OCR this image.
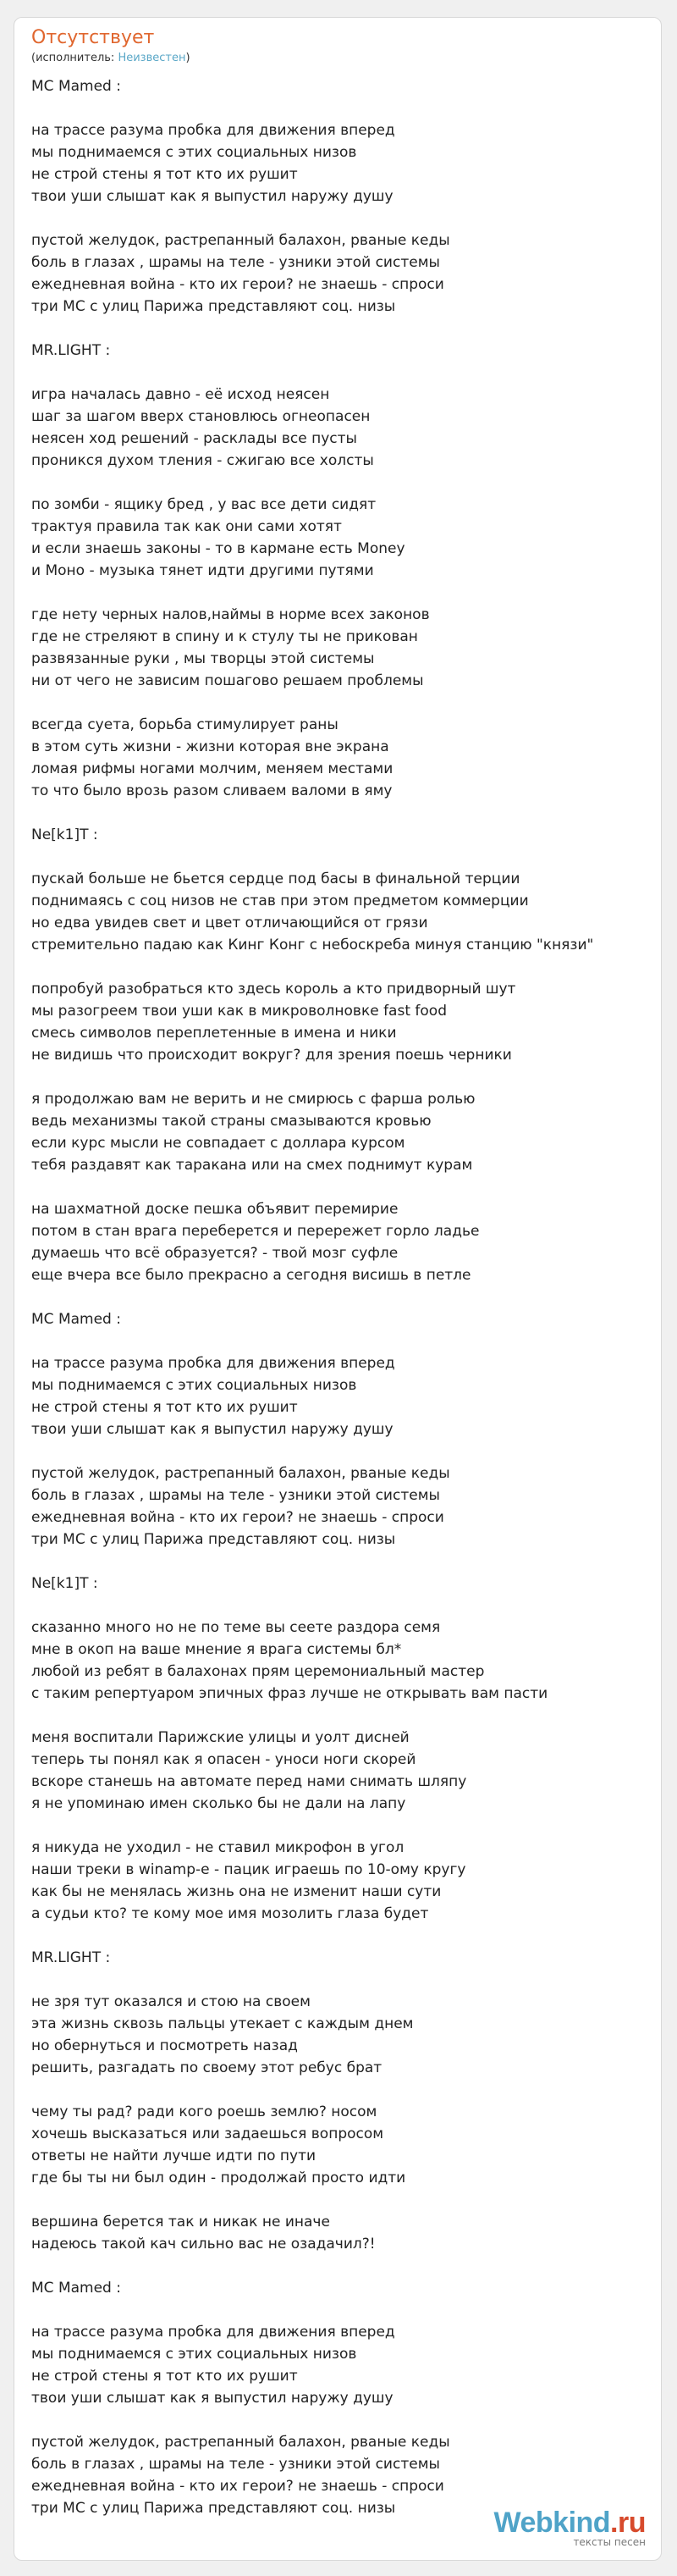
Отсутствует
(исполнитель: Неизвестен)
MC Mamed :
на трассе разума пробка для движения вперед
мы поднимаемся с этих социальных низов
не строй стены я тот кто их рушит
твои уши слышат как я выпустил наружу душу
пустой желудок, растрепанный балахон, рваные кеды
боль в глазах , шрамы на теле - узники этой системы
ежедневная война - кто их герои? не знаешь - спроси
три МС с улиц Парижа представляют соц. низы
MR.LIGHT :
игра началась давно - её исход неясен
шаг за шагом вверх становлюсь огнеопасен
неясен ход решений - расклады все пусты
проникся духом тления - сжигаю все холсты
по зомби - ящику бред , у вас все дети сидят
трактуя правила так как они сами хотят
и если знаешь законы - то в кармане есть Money
и Моно - музыка тянет идти другими путями
где нету черных налов,наймы в норме всех законов
где не стреляют в спину и к стулу ты не прикован
развязанные руки , мы творцы этой системы
ни от чего не зависим пошагово решаем проблемы
всегда суета, борьба стимулирует раны
в этом суть жизни - жизни которая вне экрана
ломая рифмы ногами молчим, меняем местами
то что было врозь разом сливаем валоми в яму
Ne[k1]T :
пускай больше не бьется сердце под басы в финальной терции
поднимаясь с соц низов не став при этом предметом коммерции
но едва увидев свет и цвет отличающийся от грязи
стремительно падаю как Кинг Конг с небоскреба минуя станцию "князи"
попробуй разобраться кто здесь король а кто придворный шут
мы разогреем твои уши как в микроволновке fast food
смесь символов переплетенные в имена и ники
не видишь что происходит вокруг? для зрения поешь черники
я продолжаю вам не верить и не смирюсь с фарша ролью
ведь механизмы такой страны смазываются кровью
если курс мысли не совпадает с долларa курсом
тебя раздавят как таракана или на смех поднимут курам
на шахматной доске пешка объявит перемирие
потом в стан врага переберется и перережет горло ладье
думаешь что всё образуется? - твой мозг суфле
еще вчера все было прекрасно а сегодня висишь в петле
MC Mamed :
на трассе разума пробка для движения вперед
мы поднимаемся с этих социальных низов
не строй стены я тот кто их рушит
твои уши слышат как я выпустил наружу душу
пустой желудок, растрепанный балахон, рваные кеды
боль в глазах , шрамы на теле - узники этой системы
ежедневная война - кто их герои? не знаешь - спроси
три МС с улиц Парижа представляют соц. низы
Ne[k1]T :
сказанно много но не по теме вы сеете раздора семя
мне в окоп на ваше мнение я врага системы бл*
любой из ребят в балахонах прям церемониальный мастер
с таким репертуаром эпичных фраз лучше не открывать вам пасти
меня воспитали Парижские улицы и уолт дисней
теперь ты понял как я опасен - уноси ноги скорей
вскоре станешь на автомате перед нами снимать шляпу
я не упоминаю имен сколько бы не дали на лапу
я никуда не уходил - не ставил микрофон в угол
наши треки в winamp-е - пацик играешь по 10-ому кругу
как бы не менялась жизнь она не изменит наши сути
а судьи кто? те кому мое имя мозолить глаза будет
MR.LIGHT :
не зря тут оказался и стою на своем
эта жизнь сквозь пальцы утекает с каждым днем
но обернуться и посмотреть назад
решить, разгадать по своему этот ребус брат
чему ты рад? ради кого роешь землю? носом
хочешь высказаться или задаешься вопросом
ответы не найти лучше идти по пути
где бы ты ни был один - продолжай просто идти
вершина берется так и никак не иначе
надеюсь такой кач сильно вас не озадачил?!
MC Mamed :
на трассе разума пробка для движения вперед
мы поднимаемся с этих социальных низов
не строй стены я тот кто их рушит
твои уши слышат как я выпустил наружу душу
пустой желудок, растрепанный балахон, рваные кеды
боль в глазах , шрамы на теле - узники этой системы
ежедневная война - кто их герои? не знаешь - спроси
три МС с улиц Парижа представляют соц. низы	Webkind.ru
тексты песен
